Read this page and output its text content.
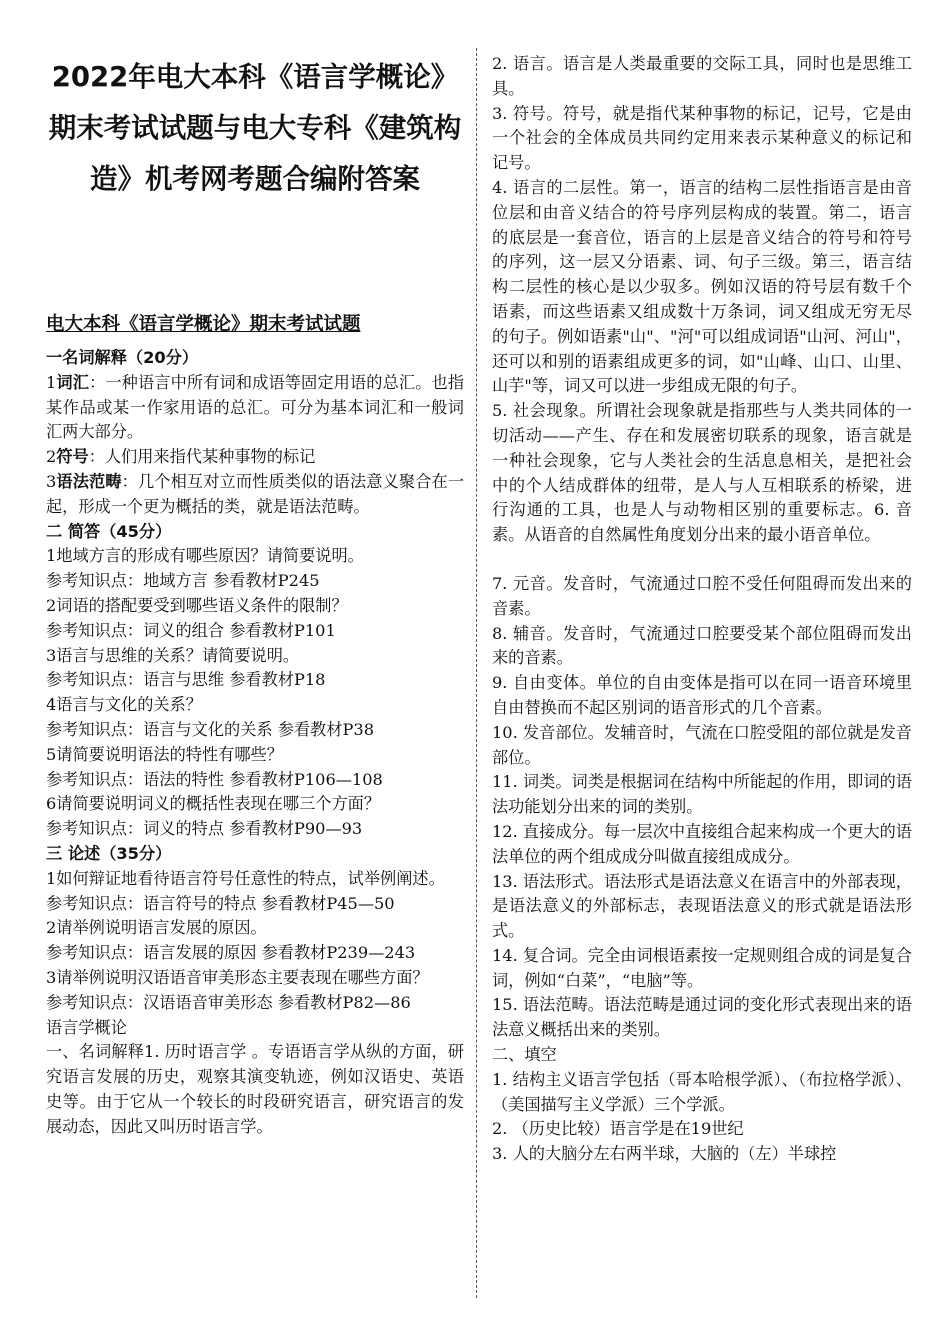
2022年电大本科《语言学概论》期末考试试题与电大专科《建筑构造》机考网考题合编附答案
电大本科《语言学概论》期末考试试题
一名词解释（20分）

1词汇：一种语言中所有词和成语等固定用语的总汇。也指某作品或某一作家用语的总汇。可分为基本词汇和一般词汇两大部分。

2符号：人们用来指代某种事物的标记

3语法范畴：几个相互对立而性质类似的语法意义聚合在一起，形成一个更为概括的类，就是语法范畴。

二 简答（45分）

1地域方言的形成有哪些原因？请简要说明。

参考知识点：地域方言 参看教材P245

2词语的搭配要受到哪些语义条件的限制？

参考知识点：词义的组合 参看教材P101

3语言与思维的关系？请简要说明。

参考知识点：语言与思维 参看教材P18

4语言与文化的关系？

参考知识点：语言与文化的关系 参看教材P38

5请简要说明语法的特性有哪些？

参考知识点：语法的特性 参看教材P106—108

6请简要说明词义的概括性表现在哪三个方面？

参考知识点：词义的特点 参看教材P90—93

三 论述（35分）

1如何辩证地看待语言符号任意性的特点，试举例阐述。

参考知识点：语言符号的特点 参看教材P45—50

2请举例说明语言发展的原因。

参考知识点：语言发展的原因 参看教材P239—243

3请举例说明汉语语音审美形态主要表现在哪些方面？

参考知识点：汉语语音审美形态 参看教材P82—86

语言学概论

一、名词解释1. 历时语言学 。专语语言学从纵的方面，研究语言发展的历史，观察其演变轨迹，例如汉语史、英语史等。由于它从一个较长的时段研究语言，研究语言的发展动态，因此又叫历时语言学。

2. 语言。语言是人类最重要的交际工具，同时也是思维工具。

3. 符号。符号，就是指代某种事物的标记，记号，它是由一个社会的全体成员共同约定用来表示某种意义的标记和记号。

4. 语言的二层性。第一，语言的结构二层性指语言是由音位层和由音义结合的符号序列层构成的装置。第二，语言的底层是一套音位，语言的上层是音义结合的符号和符号的序列，这一层又分语素、词、句子三级。第三，语言结构二层性的核心是以少驭多。例如汉语的符号层有数千个语素，而这些语素又组成数十万条词，词又组成无穷无尽的句子。例如语素"山"、"河"可以组成词语"山河、河山"，还可以和别的语素组成更多的词，如"山峰、山口、山里、山芋"等，词又可以进一步组成无限的句子。

5. 社会现象。所谓社会现象就是指那些与人类共同体的一切活动——产生、存在和发展密切联系的现象，语言就是一种社会现象，它与人类社会的生活息息相关，是把社会中的个人结成群体的纽带，是人与人互相联系的桥梁，进行沟通的工具，也是人与动物相区别的重要标志。6. 音素。从语音的自然属性角度划分出来的最小语音单位。

7. 元音。发音时，气流通过口腔不受任何阻碍而发出来的音素。

8. 辅音。发音时，气流通过口腔要受某个部位阻碍而发出来的音素。

9. 自由变体。单位的自由变体是指可以在同一语音环境里自由替换而不起区别词的语音形式的几个音素。

10. 发音部位。发辅音时，气流在口腔受阻的部位就是发音部位。

11. 词类。词类是根据词在结构中所能起的作用，即词的语法功能划分出来的词的类别。

12. 直接成分。每一层次中直接组合起来构成一个更大的语法单位的两个组成成分叫做直接组成成分。

13. 语法形式。语法形式是语法意义在语言中的外部表现，是语法意义的外部标志，表现语法意义的形式就是语法形式。

14. 复合词。完全由词根语素按一定规则组合成的词是复合词，例如“白菜”，“电脑”等。

15. 语法范畴。语法范畴是通过词的变化形式表现出来的语法意义概括出来的类别。

二、填空

1. 结构主义语言学包括（哥本哈根学派）、（布拉格学派）、（美国描写主义学派）三个学派。

2. （历史比较）语言学是在19世纪

3. 人的大脑分左右两半球，大脑的（左）半球控
